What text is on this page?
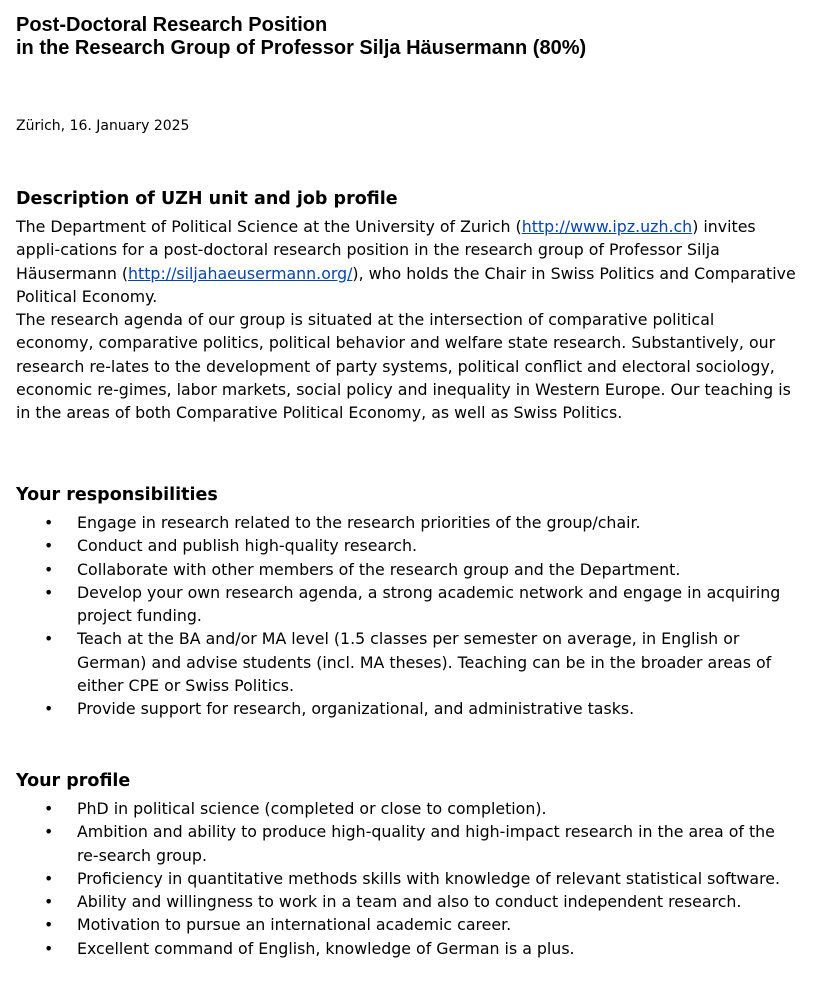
Post-Doctoral Research Position
in the Research Group of Professor Silja Häusermann (80%)
Zürich, 16. January 2025
Description of UZH unit and job profile

The Department of Political Science at the University of Zurich (http://www.ipz.uzh.ch) invites appli-cations for a post-doctoral research position in the research group of Professor Silja Häusermann (http://siljahaeusermann.org/), who holds the Chair in Swiss Politics and Comparative Political Economy.

The research agenda of our group is situated at the intersection of comparative political economy, comparative politics, political behavior and welfare state research. Substantively, our research re-lates to the development of party systems, political conflict and electoral sociology, economic re-gimes, labor markets, social policy and inequality in Western Europe. Our teaching is in the areas of both Comparative Political Economy, as well as Swiss Politics.

Your responsibilities
• Engage in research related to the research priorities of the group/chair.
• Conduct and publish high-quality research.
• Collaborate with other members of the research group and the Department.
• Develop your own research agenda, a strong academic network and engage in acquiring project funding.
• Teach at the BA and/or MA level (1.5 classes per semester on average, in English or German) and advise students (incl. MA theses). Teaching can be in the broader areas of either CPE or Swiss Politics.
• Provide support for research, organizational, and administrative tasks.
Your profile
• PhD in political science (completed or close to completion).
• Ambition and ability to produce high-quality and high-impact research in the area of the re-search group.
• Proficiency in quantitative methods skills with knowledge of relevant statistical software.
• Ability and willingness to work in a team and also to conduct independent research.
• Motivation to pursue an international academic career.
• Excellent command of English, knowledge of German is a plus.
